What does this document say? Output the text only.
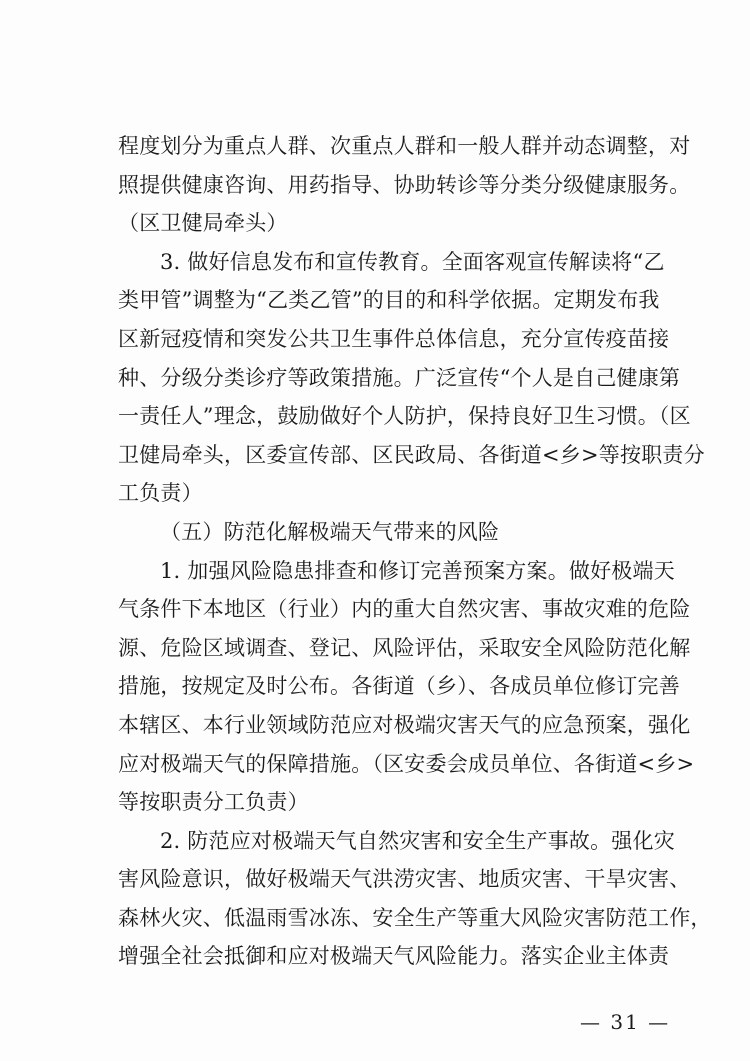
程度划分为重点人群、次重点人群和一般人群并动态调整，对
照提供健康咨询、用药指导、协助转诊等分类分级健康服务。
（区卫健局牵头）
3. 做好信息发布和宣传教育。全面客观宣传解读将“乙
类甲管”调整为“乙类乙管”的目的和科学依据。定期发布我
区新冠疫情和突发公共卫生事件总体信息，充分宣传疫苗接
种、分级分类诊疗等政策措施。广泛宣传“个人是自己健康第
一责任人”理念，鼓励做好个人防护，保持良好卫生习惯。（区
卫健局牵头，区委宣传部、区民政局、各街道<乡>等按职责分
工负责）
（五）防范化解极端天气带来的风险
1. 加强风险隐患排查和修订完善预案方案。做好极端天
气条件下本地区（行业）内的重大自然灾害、事故灾难的危险
源、危险区域调查、登记、风险评估，采取安全风险防范化解
措施，按规定及时公布。各街道（乡）、各成员单位修订完善
本辖区、本行业领域防范应对极端灾害天气的应急预案，强化
应对极端天气的保障措施。（区安委会成员单位、各街道<乡>
等按职责分工负责）
2. 防范应对极端天气自然灾害和安全生产事故。强化灾
害风险意识，做好极端天气洪涝灾害、地质灾害、干旱灾害、
森林火灾、低温雨雪冰冻、安全生产等重大风险灾害防范工作，
增强全社会抵御和应对极端天气风险能力。落实企业主体责
— 31 —
